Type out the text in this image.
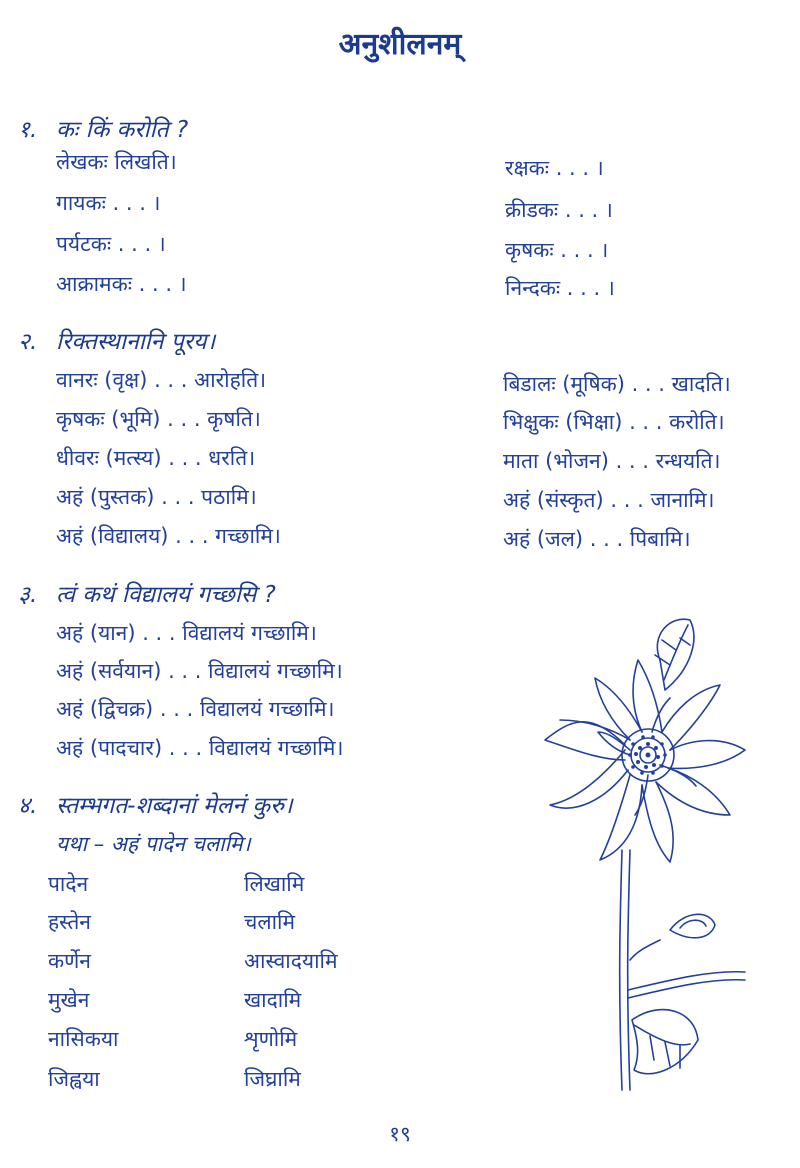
अनुशीलनम्
१. कः किं करोति ?
लेखकः लिखति।
गायकः . . . ।
पर्यटकः . . . ।
आक्रामकः . . . ।
रक्षकः . . . ।
क्रीडकः . . . ।
कृषकः . . . ।
निन्दकः . . . ।
२. रिक्तस्थानानि पूरय।
वानरः (वृक्ष) . . . आरोहति।
कृषकः (भूमि) . . . कृषति।
धीवरः (मत्स्य) . . . धरति।
अहं (पुस्तक) . . . पठामि।
अहं (विद्यालय) . . . गच्छामि।
बिडालः (मूषिक) . . . खादति।
भिक्षुकः (भिक्षा) . . . करोति।
माता (भोजन) . . . रन्धयति।
अहं (संस्कृत) . . . जानामि।
अहं (जल) . . . पिबामि।
३. त्वं कथं विद्यालयं गच्छसि ?
अहं (यान) . . . विद्यालयं गच्छामि।
अहं (सर्वयान) . . . विद्यालयं गच्छामि।
अहं (द्विचक्र) . . . विद्यालयं गच्छामि।
अहं (पादचार) . . . विद्यालयं गच्छामि।
४. स्तम्भगत-शब्दानां मेलनं कुरु।
यथा – अहं पादेन चलामि।
पादेन
हस्तेन
कर्णेन
मुखेन
नासिकया
जिह्वया
लिखामि
चलामि
आस्वादयामि
खादामि
शृणोमि
जिघ्रामि
१९
